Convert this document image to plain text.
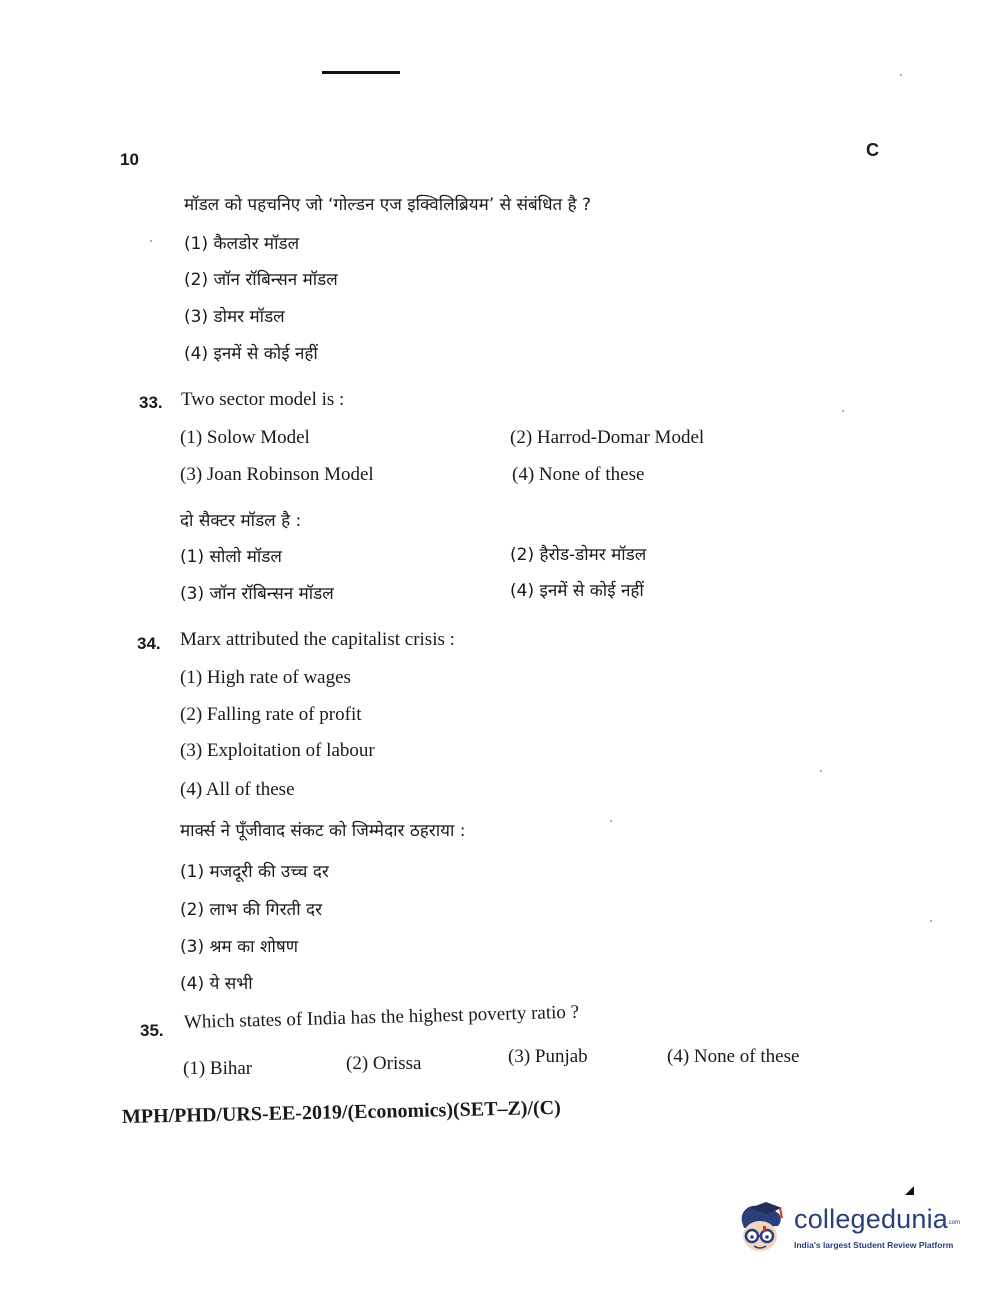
10	C
मॉडल को पहचनिए जो ‘गोल्डन एज इक्विलिब्रियम’ से संबंधित है ?
(1) कैलडोर मॉडल
(2) जॉन रॉबिन्सन मॉडल
(3) डोमर मॉडल
(4) इनमें से कोई नहीं
33. Two sector model is :
(1) Solow Model	(2) Harrod-Domar Model
(3) Joan Robinson Model	(4) None of these
दो सैक्टर मॉडल है :
(1) सोलो मॉडल	(2) हैरोड-डोमर मॉडल
(3) जॉन रॉबिन्सन मॉडल	(4) इनमें से कोई नहीं
34. Marx attributed the capitalist crisis :
(1) High rate of wages
(2) Falling rate of profit
(3) Exploitation of labour
(4) All of these
मार्क्स ने पूँजीवाद संकट को जिम्मेदार ठहराया :
(1) मजदूरी की उच्च दर
(2) लाभ की गिरती दर
(3) श्रम का शोषण
(4) ये सभी
35. Which states of India has the highest poverty ratio ?
(1) Bihar	(2) Orissa	(3) Punjab	(4) None of these
MPH/PHD/URS-EE-2019/(Economics)(SET–Z)/(C)
collegedunia
.com
India's largest Student Review Platform
